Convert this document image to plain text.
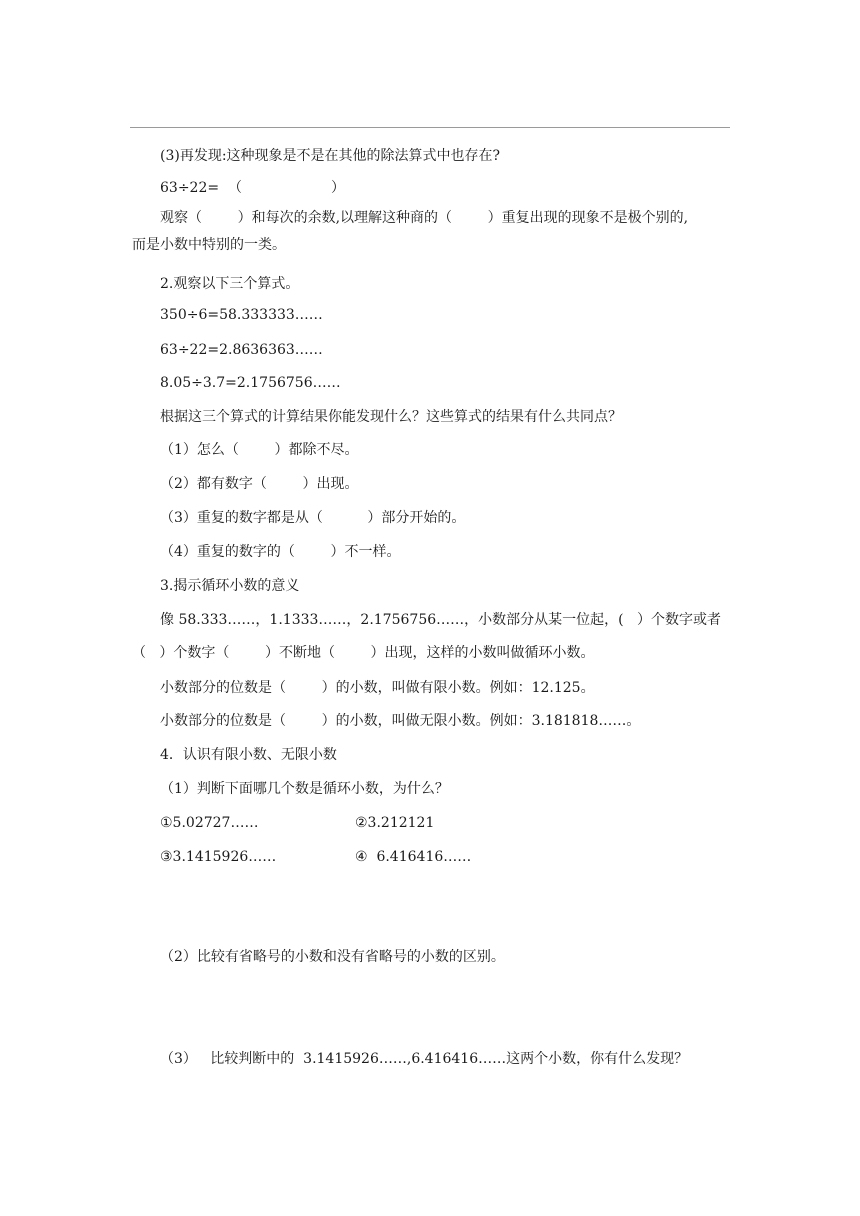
(3)再发现:这种现象是不是在其他的除法算式中也存在?
63÷22=  （                    ）
观察（        ）和每次的余数,以理解这种商的（        ）重复出现的现象不是极个别的,
而是小数中特别的一类。
2.观察以下三个算式。
350÷6=58.333333……
63÷22=2.8636363……
8.05÷3.7=2.1756756……
根据这三个算式的计算结果你能发现什么？这些算式的结果有什么共同点？
（1）怎么（        ）都除不尽。
（2）都有数字（        ）出现。
（3）重复的数字都是从（          ）部分开始的。
（4）重复的数字的（        ）不一样。
3.揭示循环小数的意义
像 58.333……，1.1333……，2.1756756……，小数部分从某一位起，(   ）个数字或者
（   ）个数字（        ）不断地（        ）出现，这样的小数叫做循环小数。
小数部分的位数是（        ）的小数，叫做有限小数。例如：12.125。
小数部分的位数是（        ）的小数，叫做无限小数。例如：3.181818……。
4．认识有限小数、无限小数
（1）判断下面哪几个数是循环小数，为什么？
①5.02727……	②3.212121
③3.1415926……	④  6.416416……
（2）比较有省略号的小数和没有省略号的小数的区别。
（3）   比较判断中的  3.1415926……,6.416416……这两个小数，你有什么发现？
